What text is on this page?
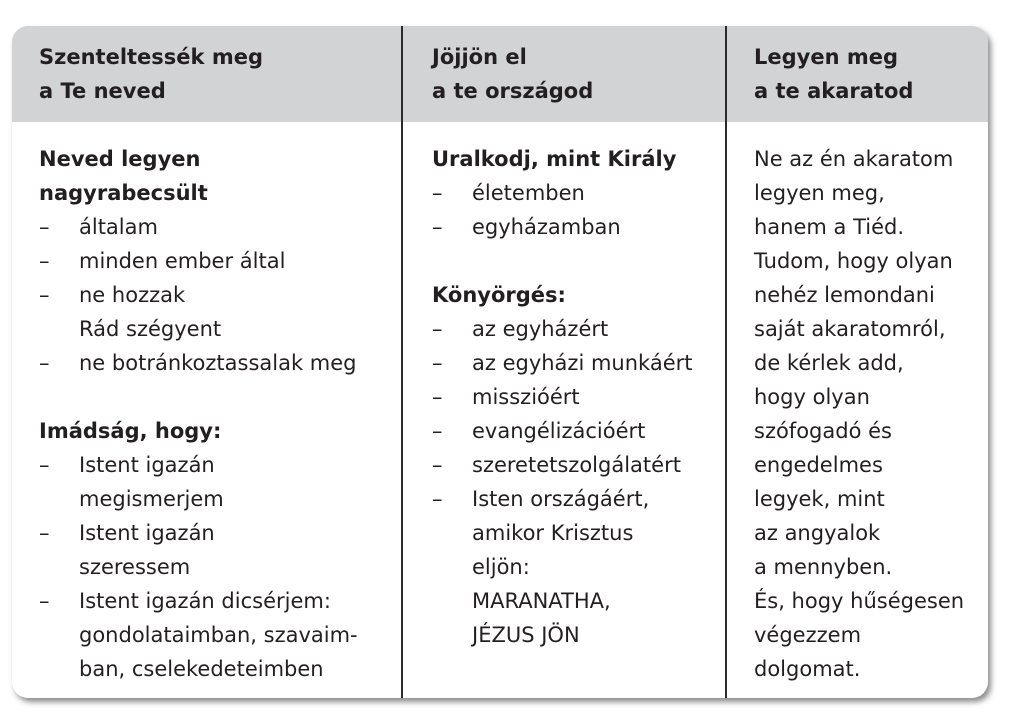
Szenteltessék meg
a Te neved
Neved legyen
nagyrabecsült
– általam
– minden ember által
– ne hozzak
Rád szégyent
– ne botránkoztassalak meg
Imádság, hogy:
– Istent igazán
megismerjem
– Istent igazán
szeressem
– Istent igazán dicsérjem:
gondolataimban, szavaim-
ban, cselekedeteimben
Jöjjön el
a te országod
Uralkodj, mint Király
– életemben
– egyházamban
Könyörgés:
– az egyházért
– az egyházi munkáért
– misszióért
– evangélizációért
– szeretetszolgálatért
– Isten országáért,
amikor Krisztus
eljön:
MARANATHA,
JÉZUS JÖN
Legyen meg
a te akaratod
Ne az én akaratom
legyen meg,
hanem a Tiéd.
Tudom, hogy olyan
nehéz lemondani
saját akaratomról,
de kérlek add,
hogy olyan
szófogadó és
engedelmes
legyek, mint
az angyalok
a mennyben.
És, hogy hűségesen
végezzem
dolgomat.
